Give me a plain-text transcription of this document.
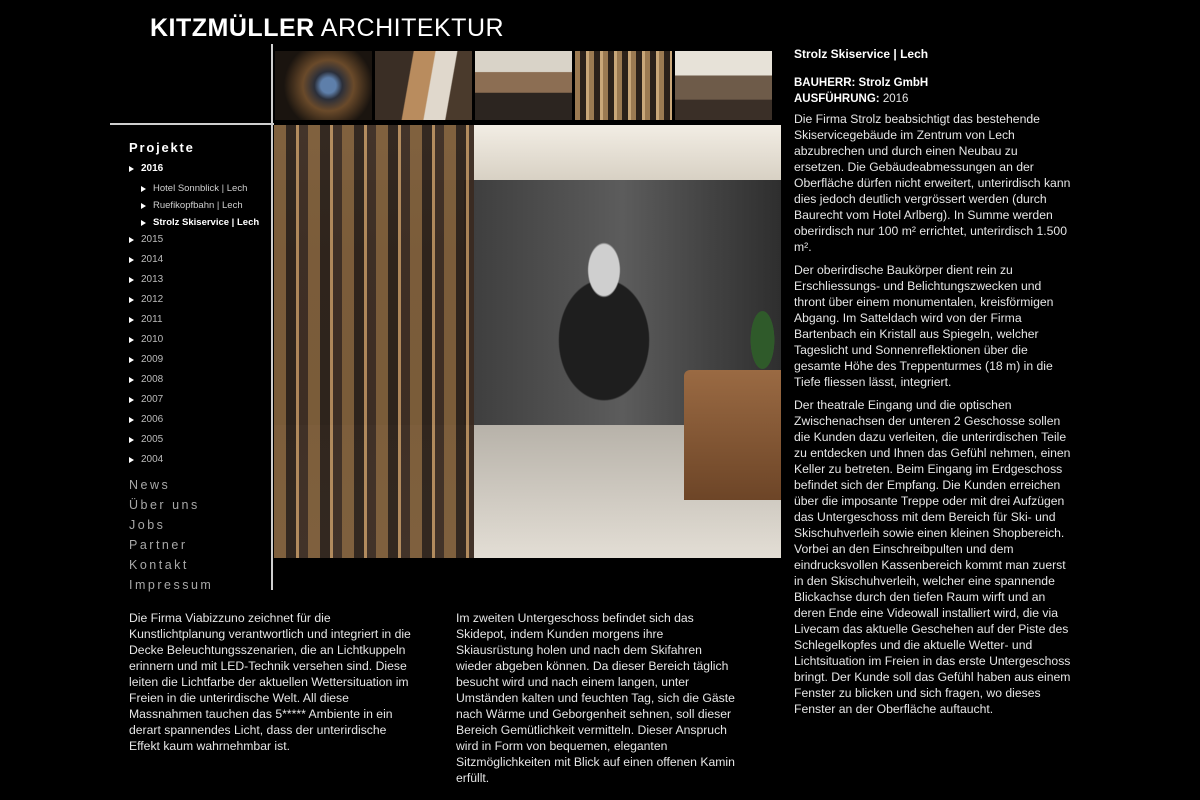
KITZMÜLLER ARCHITEKTUR
Projekte
2016
Hotel Sonnblick | Lech
Ruefikopfbahn | Lech
Strolz Skiservice | Lech
2015
2014
2013
2012
2011
2010
2009
2008
2007
2006
2005
2004
News
Über uns
Jobs
Partner
Kontakt
Impressum
Strolz Skiservice | Lech
BAUHERR: Strolz GmbH
AUSFÜHRUNG: 2016

Die Firma Strolz beabsichtigt das bestehende Skiservicegebäude im Zentrum von Lech abzubrechen und durch einen Neubau zu ersetzen. Die Gebäudeabmessungen an der Oberfläche dürfen nicht erweitert, unterirdisch kann dies jedoch deutlich vergrössert werden (durch Baurecht vom Hotel Arlberg). In Summe werden oberirdisch nur 100 m² errichtet, unterirdisch 1.500 m².

Der oberirdische Baukörper dient rein zu Erschliessungs- und Belichtungszwecken und thront über einem monumentalen, kreisförmigen Abgang. Im Satteldach wird von der Firma Bartenbach ein Kristall aus Spiegeln, welcher Tageslicht und Sonnenreflektionen über die gesamte Höhe des Treppenturmes (18 m) in die Tiefe fliessen lässt, integriert.

Der theatrale Eingang und die optischen Zwischenachsen der unteren 2 Geschosse sollen die Kunden dazu verleiten, die unterirdischen Teile zu entdecken und Ihnen das Gefühl nehmen, einen Keller zu betreten. Beim Eingang im Erdgeschoss befindet sich der Empfang. Die Kunden erreichen über die imposante Treppe oder mit drei Aufzügen das Untergeschoss mit dem Bereich für Ski- und Skischuhverleih sowie einen kleinen Shopbereich. Vorbei an den Einschreibpulten und dem eindrucksvollen Kassenbereich kommt man zuerst in den Skischuhverleih, welcher eine spannende Blickachse durch den tiefen Raum wirft und an deren Ende eine Videowall installiert wird, die via Livecam das aktuelle Geschehen auf der Piste des Schlegelkopfes und die aktuelle Wetter- und Lichtsituation im Freien in das erste Untergeschoss bringt. Der Kunde soll das Gefühl haben aus einem Fenster zu blicken und sich fragen, wo dieses Fenster an der Oberfläche auftaucht.

Die Firma Viabizzuno zeichnet für die Kunstlichtplanung verantwortlich und integriert in die Decke Beleuchtungsszenarien, die an Lichtkuppeln erinnern und mit LED-Technik versehen sind. Diese leiten die Lichtfarbe der aktuellen Wettersituation im Freien in die unterirdische Welt. All diese Massnahmen tauchen das 5***** Ambiente in ein derart spannendes Licht, dass der unterirdische Effekt kaum wahrnehmbar ist.

Im zweiten Untergeschoss befindet sich das Skidepot, indem Kunden morgens ihre Skiausrüstung holen und nach dem Skifahren wieder abgeben können. Da dieser Bereich täglich besucht wird und nach einem langen, unter Umständen kalten und feuchten Tag, sich die Gäste nach Wärme und Geborgenheit sehnen, soll dieser Bereich Gemütlichkeit vermitteln. Dieser Anspruch wird in Form von bequemen, eleganten Sitzmöglichkeiten mit Blick auf einen offenen Kamin erfüllt.
